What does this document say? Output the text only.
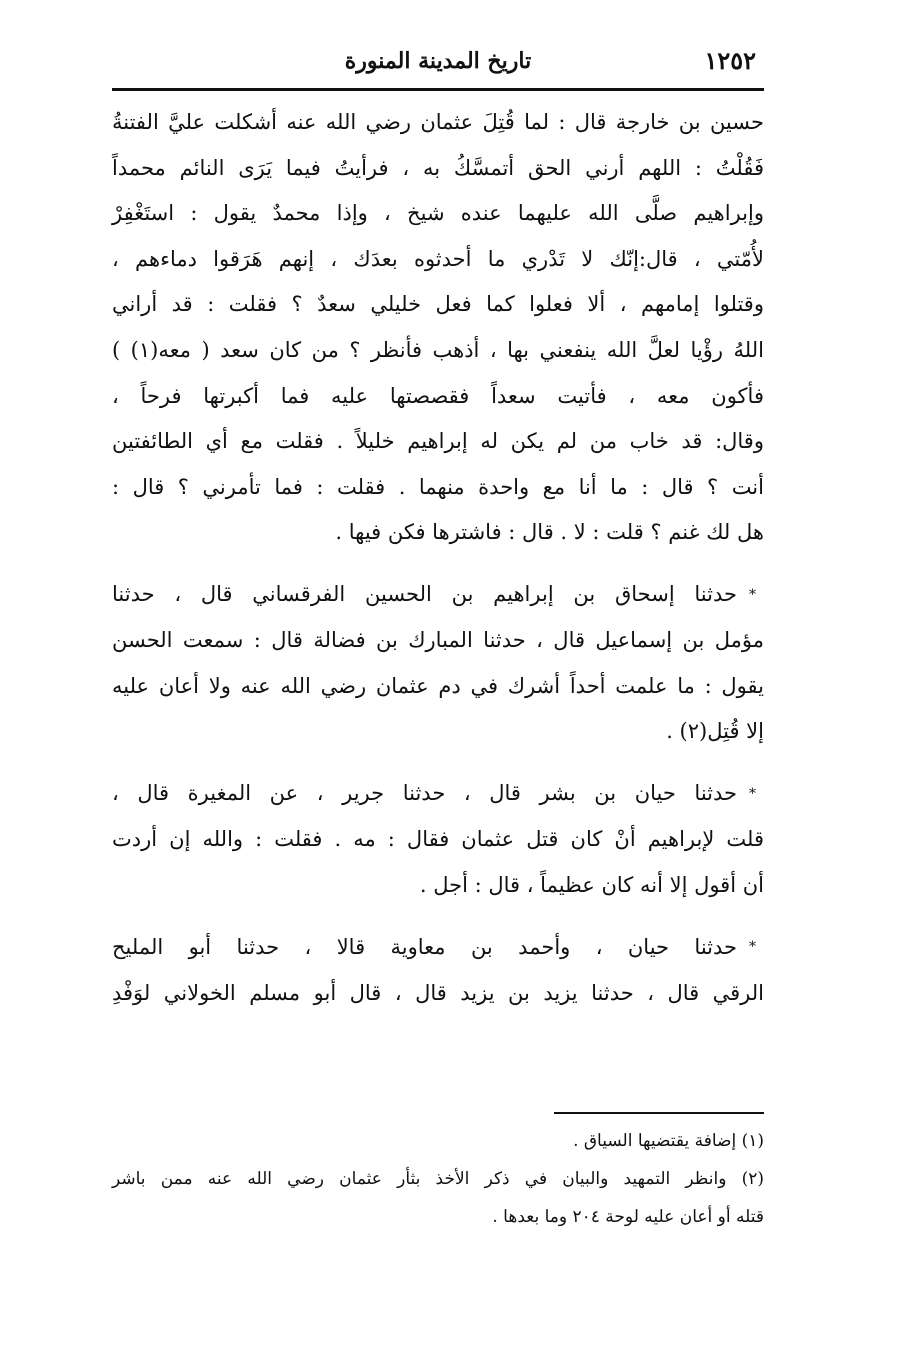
١٢٥٢
تاريخ المدينة المنورة
حسين بن خارجة قال : لما قُتِلَ عثمان رضي الله عنه أشكلت عليَّ الفتنةُ
فَقُلْتُ : اللهم أرني الحق أتمسَّكُ به ، فرأيتُ فيما يَرَى النائم محمداً
وإبراهيم صلَّى الله عليهما عنده شيخ ، وإذا محمدٌ يقول : استَغْفِرْ
لأُمّتي ، قال:إنّك لا تَدْري ما أحدثوه بعدَك ، إنهم هَرَقوا دماءهم ،
وقتلوا إمامهم ، ألا فعلوا كما فعل خليلي سعدٌ ؟ فقلت : قد أراني
اللهُ رؤْيا لعلَّ الله ينفعني بها ، أذهب فأنظر ؟ من كان سعد ( معه(١) )
فأكون معه ، فأتيت سعداً فقصصتها عليه فما أكبرتها فرحاً ،
وقال: قد خاب من لم يكن له إبراهيم خليلاً . فقلت مع أي الطائفتين
أنت ؟ قال : ما أنا مع واحدة منهما . فقلت : فما تأمرني ؟ قال :
هل لك غنم ؟ قلت : لا . قال : فاشترها فكن فيها .
*حدثنا إسحاق بن إبراهيم بن الحسين الفرقساني قال ، حدثنا
مؤمل بن إسماعيل قال ، حدثنا المبارك بن فضالة قال : سمعت الحسن
يقول : ما علمت أحداً أشرك في دم عثمان رضي الله عنه ولا أعان عليه
إلا قُتِل(٢) .
*حدثنا حيان بن بشر قال ، حدثنا جرير ، عن المغيرة قال ،
قلت لإبراهيم أنْ كان قتل عثمان فقال : مه . فقلت : والله إن أردت
أن أقول إلا أنه كان عظيماً ، قال : أجل .
*حدثنا حيان ، وأحمد بن معاوية قالا ، حدثنا أبو المليح
الرقي قال ، حدثنا يزيد بن يزيد قال ، قال أبو مسلم الخولاني لوَفْدِ
(١) إضافة يقتضيها السياق .
(٢) وانظر التمهيد والبيان في ذكر الأخذ بثأر عثمان رضي الله عنه ممن باشر
قتله أو أعان عليه لوحة ٢٠٤ وما بعدها .
